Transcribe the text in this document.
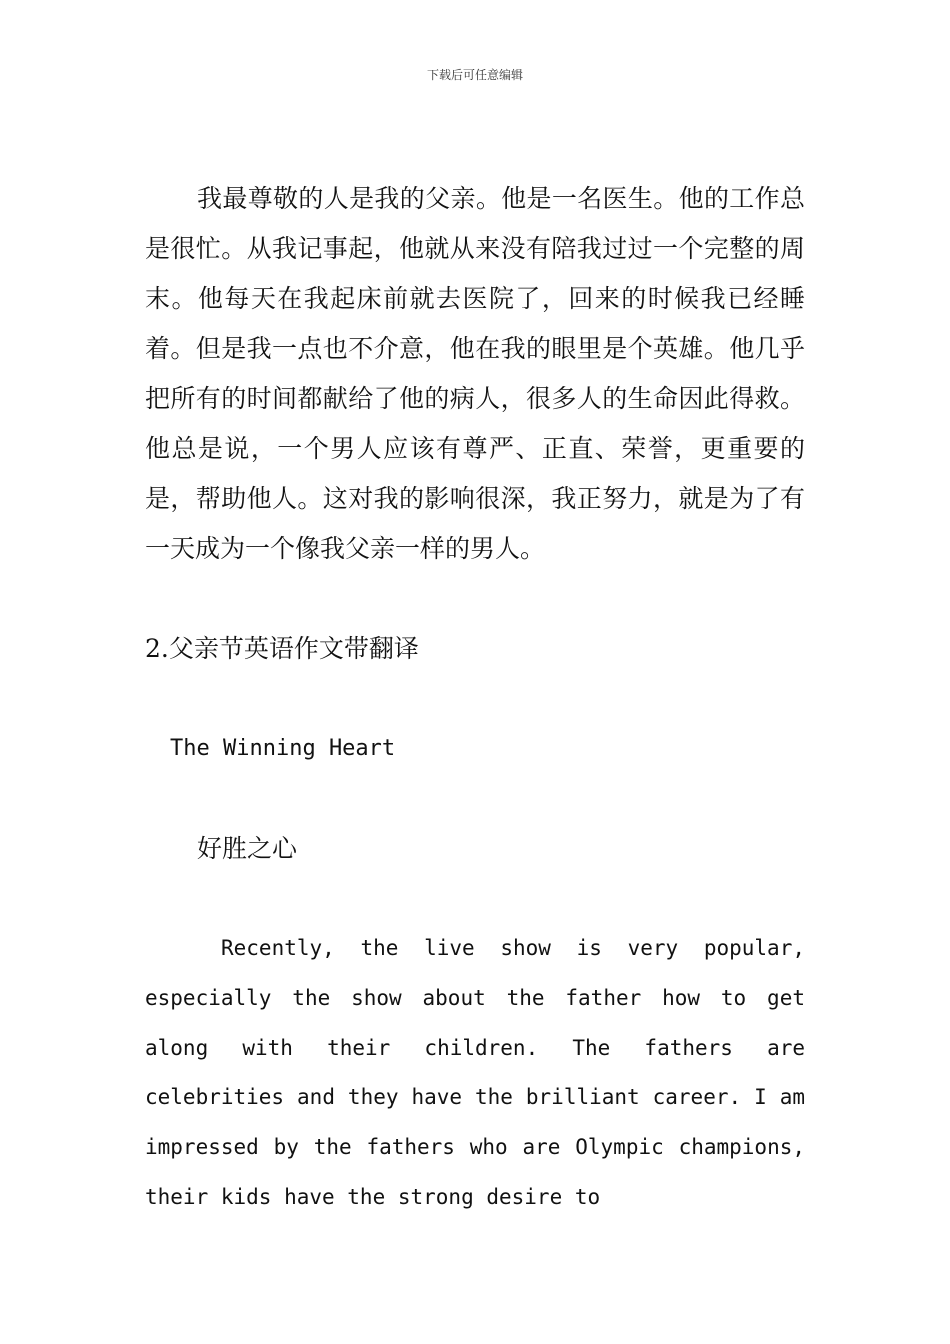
下载后可任意编辑

我最尊敬的人是我的父亲。他是一名医生。他的工作总是很忙。从我记事起，他就从来没有陪我过过一个完整的周末。他每天在我起床前就去医院了，回来的时候我已经睡着。但是我一点也不介意，他在我的眼里是个英雄。他几乎把所有的时间都献给了他的病人，很多人的生命因此得救。他总是说，一个男人应该有尊严、正直、荣誉，更重要的是，帮助他人。这对我的影响很深，我正努力，就是为了有一天成为一个像我父亲一样的男人。

2.父亲节英语作文带翻译

The Winning Heart

好胜之心

Recently, the live show is very popular, especially the show about the father how to get along with their children. The fathers are celebrities and they have the brilliant career. I am impressed by the fathers who are Olympic champions, their kids have the strong desire to
